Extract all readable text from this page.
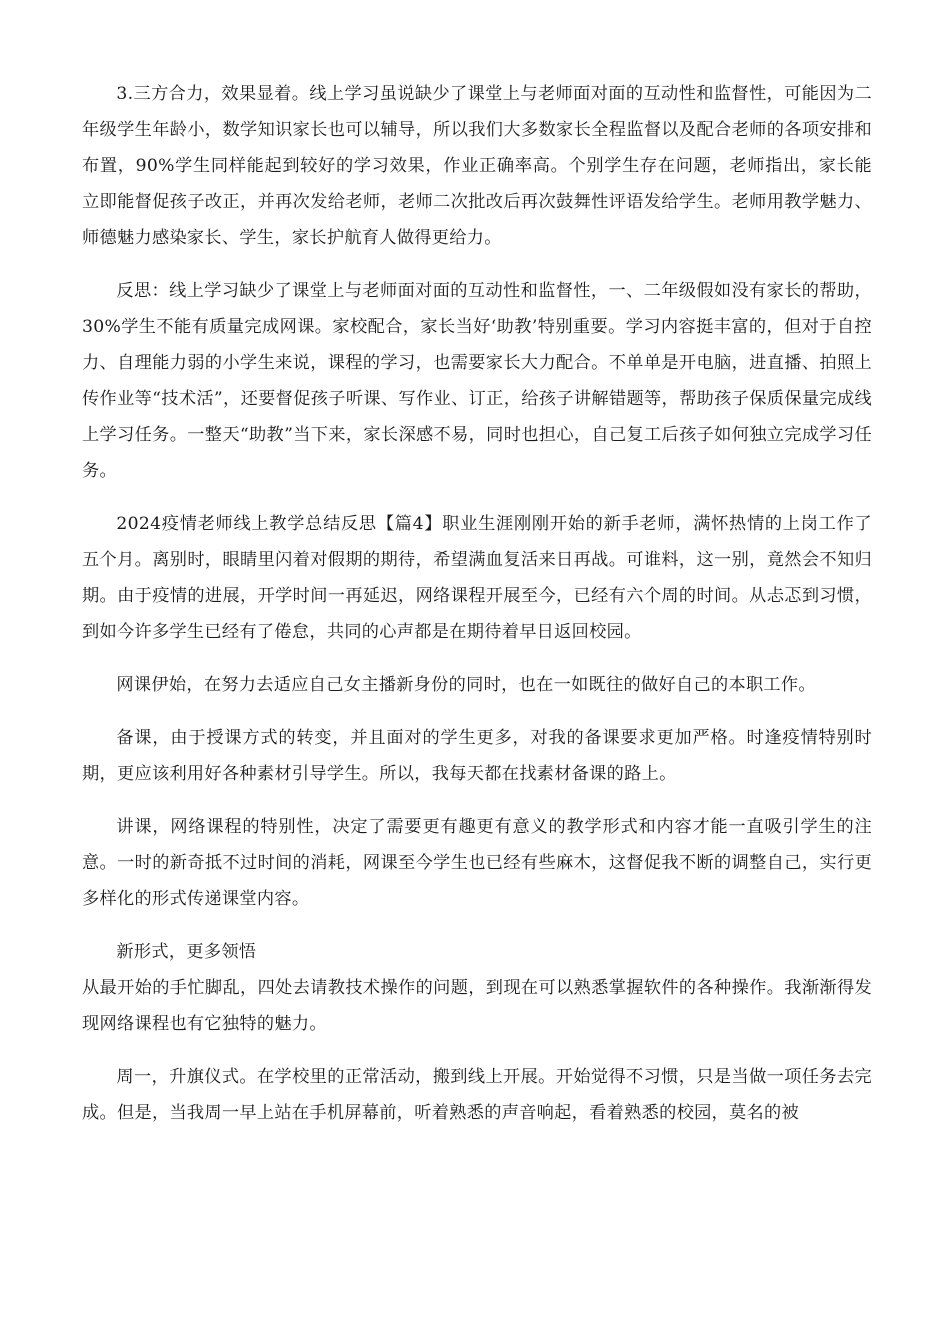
3.三方合力，效果显着。线上学习虽说缺少了课堂上与老师面对面的互动性和监督性，可能因为二年级学生年龄小，数学知识家长也可以辅导，所以我们大多数家长全程监督以及配合老师的各项安排和布置，90%学生同样能起到较好的学习效果，作业正确率高。个别学生存在问题，老师指出，家长能立即能督促孩子改正，并再次发给老师，老师二次批改后再次鼓舞性评语发给学生。老师用教学魅力、师德魅力感染家长、学生，家长护航育人做得更给力。

反思：线上学习缺少了课堂上与老师面对面的互动性和监督性，一、二年级假如没有家长的帮助，30%学生不能有质量完成网课。家校配合，家长当好‘助教’特别重要。学习内容挺丰富的，但对于自控力、自理能力弱的小学生来说，课程的学习，也需要家长大力配合。不单单是开电脑，进直播、拍照上传作业等“技术活”，还要督促孩子听课、写作业、订正，给孩子讲解错题等，帮助孩子保质保量完成线上学习任务。一整天“助教”当下来，家长深感不易，同时也担心，自己复工后孩子如何独立完成学习任务。

2024疫情老师线上教学总结反思【篇4】职业生涯刚刚开始的新手老师，满怀热情的上岗工作了五个月。离别时，眼睛里闪着对假期的期待，希望满血复活来日再战。可谁料，这一别，竟然会不知归期。由于疫情的进展，开学时间一再延迟，网络课程开展至今，已经有六个周的时间。从忐忑到习惯，到如今许多学生已经有了倦怠，共同的心声都是在期待着早日返回校园。

网课伊始，在努力去适应自己女主播新身份的同时，也在一如既往的做好自己的本职工作。

备课，由于授课方式的转变，并且面对的学生更多，对我的备课要求更加严格。时逢疫情特别时期，更应该利用好各种素材引导学生。所以，我每天都在找素材备课的路上。

讲课，网络课程的特别性，决定了需要更有趣更有意义的教学形式和内容才能一直吸引学生的注意。一时的新奇抵不过时间的消耗，网课至今学生也已经有些麻木，这督促我不断的调整自己，实行更多样化的形式传递课堂内容。

新形式，更多领悟

从最开始的手忙脚乱，四处去请教技术操作的问题，到现在可以熟悉掌握软件的各种操作。我渐渐得发现网络课程也有它独特的魅力。

周一，升旗仪式。在学校里的正常活动，搬到线上开展。开始觉得不习惯，只是当做一项任务去完成。但是，当我周一早上站在手机屏幕前，听着熟悉的声音响起，看着熟悉的校园，莫名的被
